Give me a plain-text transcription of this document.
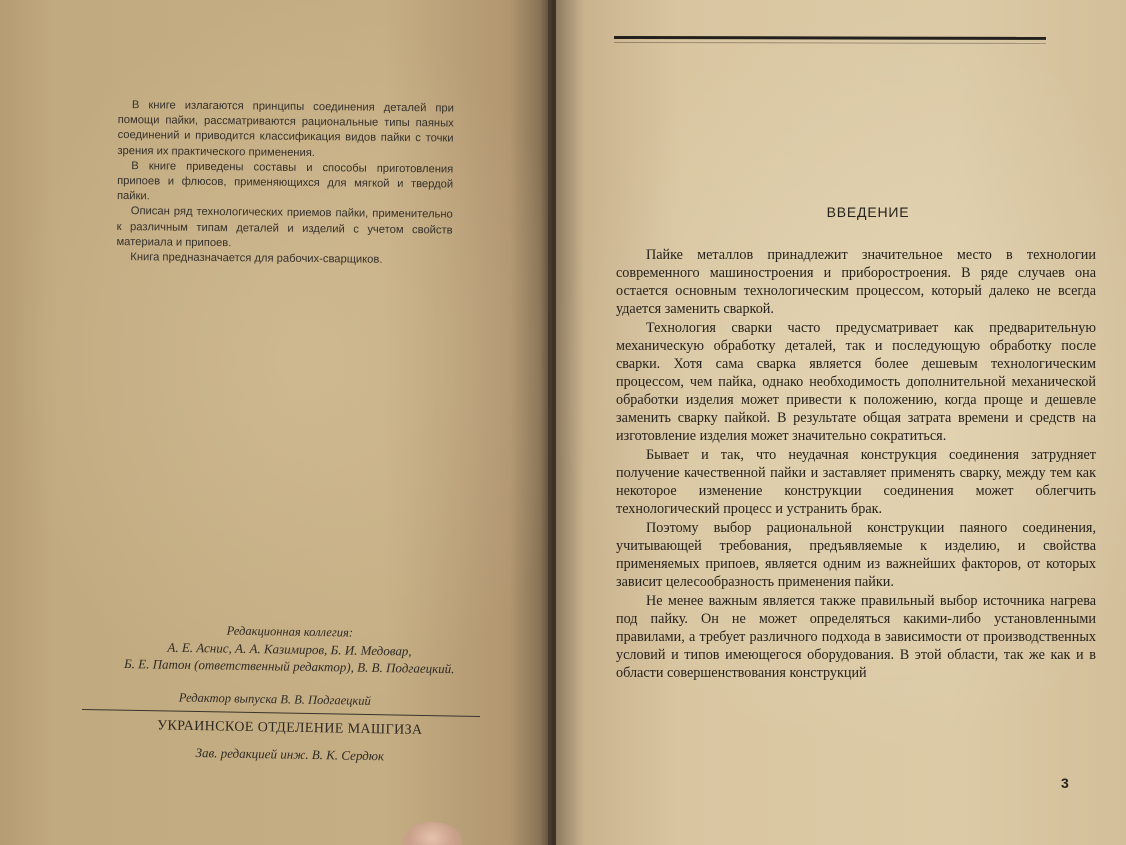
В книге излагаются принципы соединения деталей при помощи пайки, рассматриваются рациональные типы паяных соединений и приводится классификация видов пайки с точки зрения их практического применения.

В книге приведены составы и способы приготовления припоев и флюсов, применяющихся для мягкой и твердой пайки.

Описан ряд технологических приемов пайки, применительно к различным типам деталей и изделий с учетом свойств материала и припоев.

Книга предназначается для рабочих-сварщиков.

Редакционная коллегия:
А. Е. Аснис, А. А. Казимиров, Б. И. Медовар,
Б. Е. Патон (ответственный редактор), В. В. Подгаецкий.
Редактор выпуска В. В. Подгаецкий
УКРАИНСКОЕ ОТДЕЛЕНИЕ МАШГИЗА
Зав. редакцией инж. В. К. Сердюк
ВВЕДЕНИЕ

Пайке металлов принадлежит значительное место в технологии современного машиностроения и приборостроения. В ряде случаев она остается основным технологическим процессом, который далеко не всегда удается заменить сваркой.

Технология сварки часто предусматривает как предварительную механическую обработку деталей, так и последующую обработку после сварки. Хотя сама сварка является более дешевым технологическим процессом, чем пайка, однако необходимость дополнительной механической обработки изделия может привести к положению, когда проще и дешевле заменить сварку пайкой. В результате общая затрата времени и средств на изготовление изделия может значительно сократиться.

Бывает и так, что неудачная конструкция соединения затрудняет получение качественной пайки и заставляет применять сварку, между тем как некоторое изменение конструкции соединения может облегчить технологический процесс и устранить брак.

Поэтому выбор рациональной конструкции паяного соединения, учитывающей требования, предъявляемые к изделию, и свойства применяемых припоев, является одним из важнейших факторов, от которых зависит целесообразность применения пайки.

Не менее важным является также правильный выбор источника нагрева под пайку. Он не может определяться какими-либо установленными правилами, а требует различного подхода в зависимости от производственных условий и типов имеющегося оборудования. В этой области, так же как и в области совершенствования конструкций

3
